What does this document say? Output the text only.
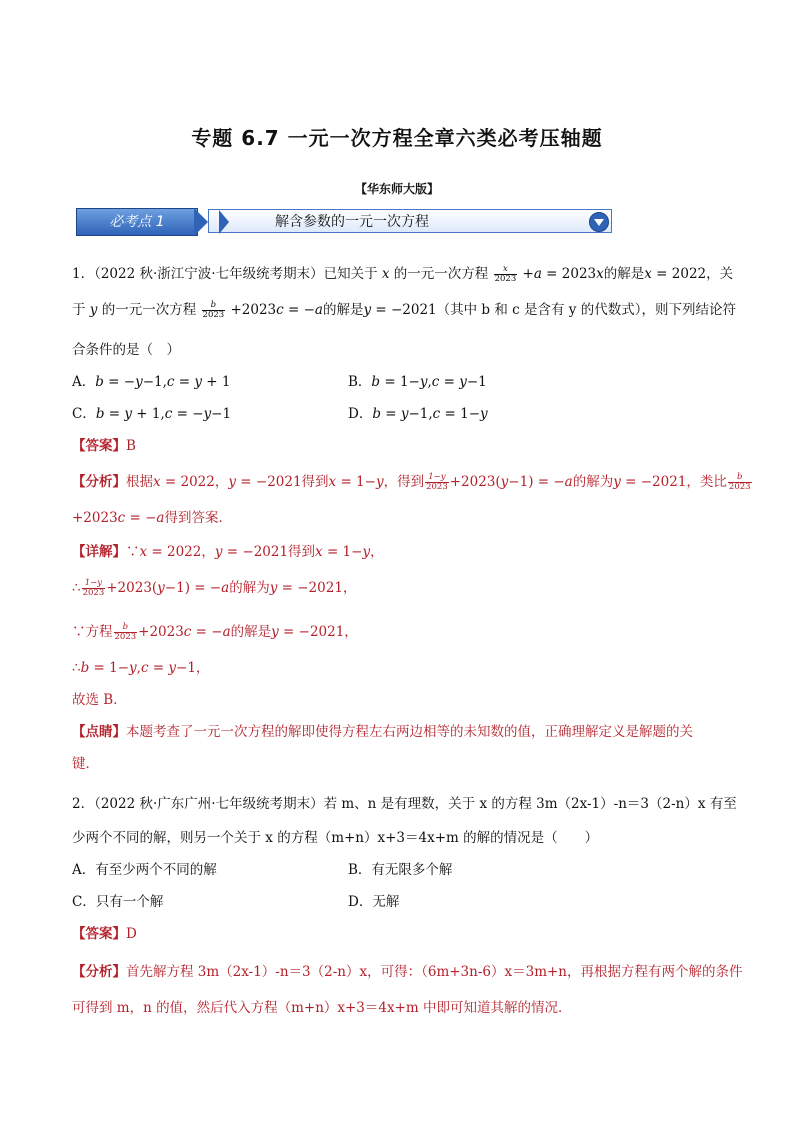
专题 6.7 一元一次方程全章六类必考压轴题
【华东师大版】
必考点 1	解含参数的一元一次方程
1．（2022 秋·浙江宁波·七年级统考期末）已知关于 𝑥 的一元一次方程 $\frac{x}{2023}$ +𝑎 = 2023𝑥的解是𝑥 = 2022，关
于 𝑦 的一元一次方程 $\frac{b}{2023}$ +2023𝑐 = −𝑎的解是𝑦 = −2021（其中 b 和 c 是含有 y 的代数式），则下列结论符
合条件的是（　）
A．𝑏 = −𝑦−1,𝑐 = 𝑦 + 1	B．𝑏 = 1−𝑦,𝑐 = 𝑦−1
C．𝑏 = 𝑦 + 1,𝑐 = −𝑦−1	D．𝑏 = 𝑦−1,𝑐 = 1−𝑦
【答案】B
【分析】根据𝑥 = 2022，𝑦 = −2021得到𝑥 = 1−𝑦，得到 $\frac{1-y}{2023}$ +2023(𝑦−1) = −𝑎的解为𝑦 = −2021，类比 $\frac{b}{2023}$
+2023𝑐 = −𝑎得到答案．
【详解】∵𝑥 = 2022，𝑦 = −2021得到𝑥 = 1−𝑦，
∴ $\frac{1-y}{2023}$ +2023(𝑦−1) = −𝑎的解为𝑦 = −2021，
∵方程 $\frac{b}{2023}$ +2023𝑐 = −𝑎的解是𝑦 = −2021，
∴𝑏 = 1−𝑦,𝑐 = 𝑦−1，
故选 B．
【点睛】本题考查了一元一次方程的解即使得方程左右两边相等的未知数的值，正确理解定义是解题的关
键．
2．（2022 秋·广东广州·七年级统考期末）若 m、n 是有理数，关于 x 的方程 3m（2x-1）-n＝3（2-n）x 有至
少两个不同的解，则另一个关于 x 的方程（m+n）x+3＝4x+m 的解的情况是（　　）
A．有至少两个不同的解	B．有无限多个解
C．只有一个解	D．无解
【答案】D
【分析】首先解方程 3m（2x-1）-n＝3（2-n）x，可得：（6m+3n-6）x＝3m+n，再根据方程有两个解的条件
可得到 m，n 的值，然后代入方程（m+n）x+3＝4x+m 中即可知道其解的情况．
